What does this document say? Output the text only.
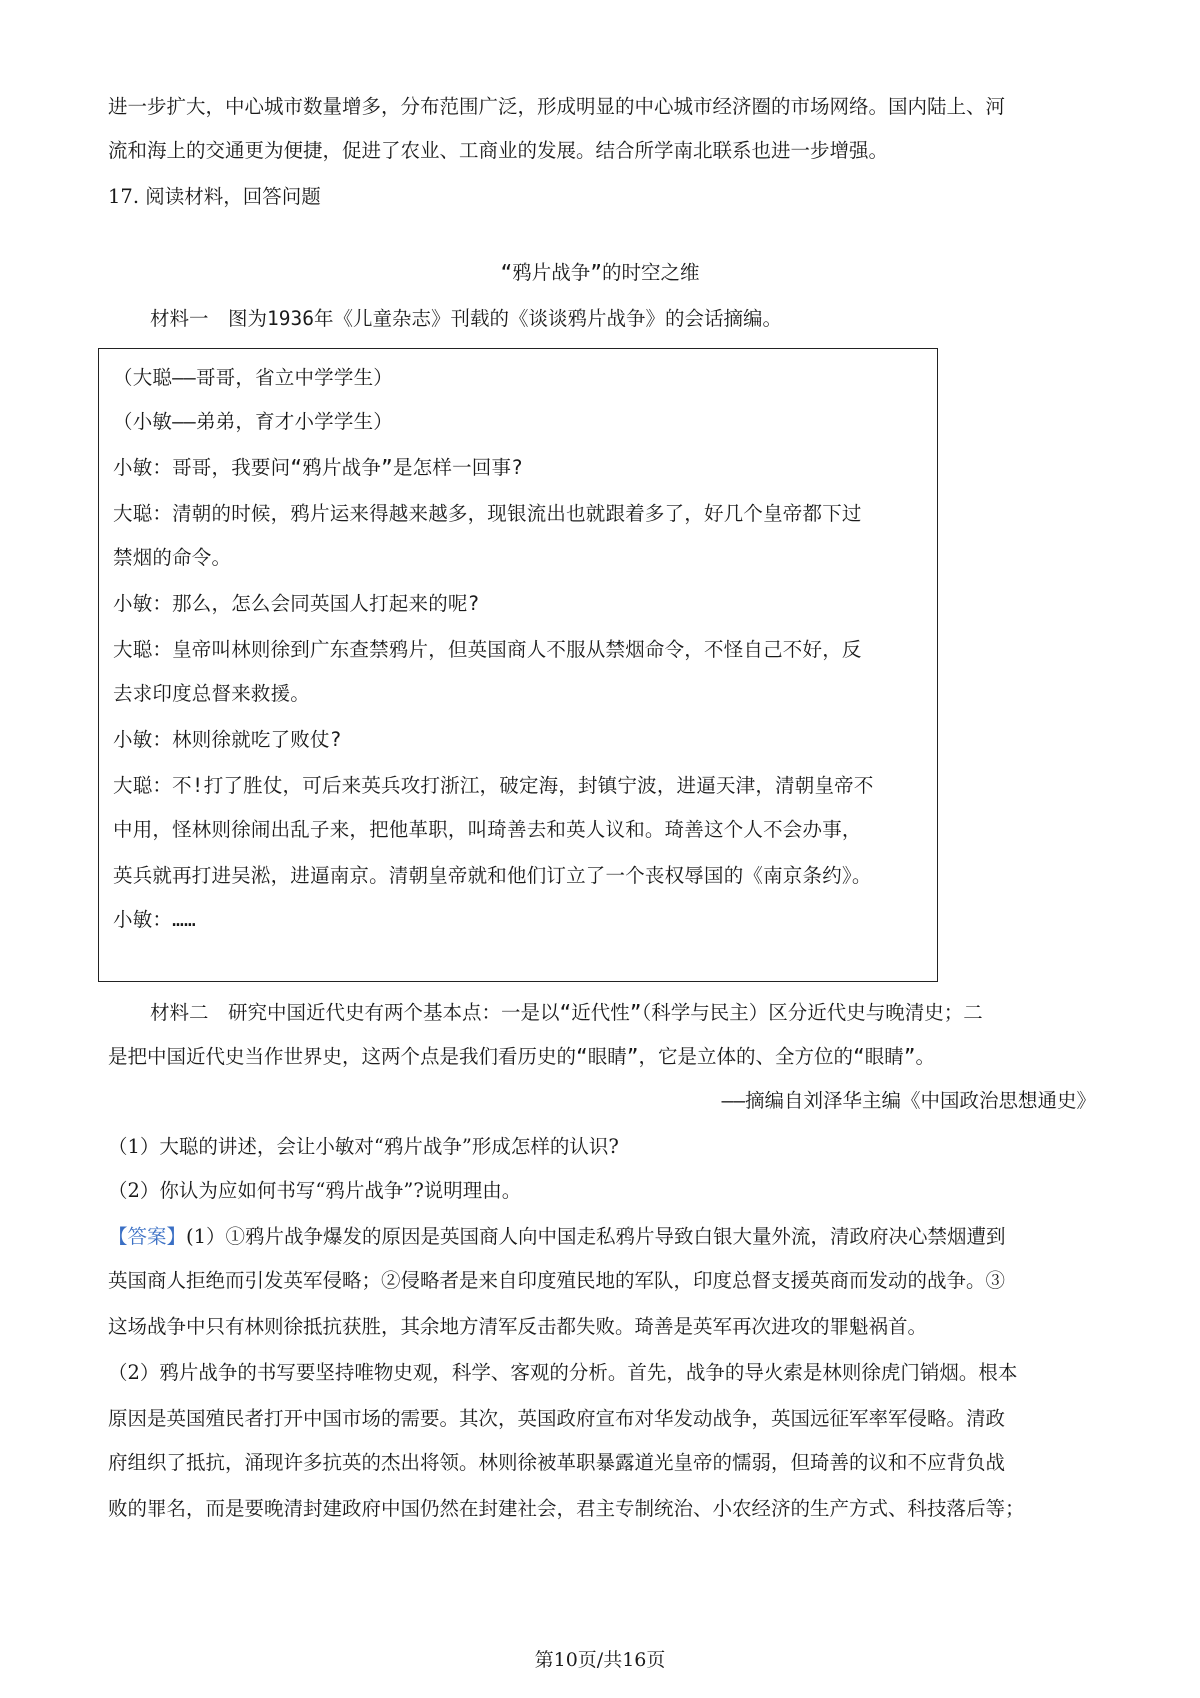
进一步扩大，中心城市数量增多，分布范围广泛，形成明显的中心城市经济圈的市场网络。国内陆上、河

流和海上的交通更为便捷，促进了农业、工商业的发展。结合所学南北联系也进一步增强。

17. 阅读材料，回答问题

“鸦片战争”的时空之维

材料一　图为1936年《儿童杂志》刊载的《谈谈鸦片战争》的会话摘编。

（大聪——哥哥，省立中学学生）

（小敏——弟弟，育才小学学生）

小敏：哥哥，我要问“鸦片战争”是怎样一回事?

大聪：清朝的时候，鸦片运来得越来越多，现银流出也就跟着多了，好几个皇帝都下过

禁烟的命令。

小敏：那么，怎么会同英国人打起来的呢?

大聪：皇帝叫林则徐到广东查禁鸦片，但英国商人不服从禁烟命令，不怪自己不好，反

去求印度总督来救援。

小敏：林则徐就吃了败仗?

大聪：不!打了胜仗，可后来英兵攻打浙江，破定海，封镇宁波，进逼天津，清朝皇帝不

中用，怪林则徐闹出乱子来，把他革职，叫琦善去和英人议和。琦善这个人不会办事，

英兵就再打进吴淞，进逼南京。清朝皇帝就和他们订立了一个丧权辱国的《南京条约》。

小敏：……

材料二　研究中国近代史有两个基本点：一是以“近代性”（科学与民主）区分近代史与晚清史；二

是把中国近代史当作世界史，这两个点是我们看历史的“眼睛”，它是立体的、全方位的“眼睛”。

——摘编自刘泽华主编《中国政治思想通史》

（1）大聪的讲述，会让小敏对“鸦片战争”形成怎样的认识?

（2）你认为应如何书写“鸦片战争”?说明理由。

【答案】(1）①鸦片战争爆发的原因是英国商人向中国走私鸦片导致白银大量外流，清政府决心禁烟遭到

英国商人拒绝而引发英军侵略；②侵略者是来自印度殖民地的军队，印度总督支援英商而发动的战争。③

这场战争中只有林则徐抵抗获胜，其余地方清军反击都失败。琦善是英军再次进攻的罪魁祸首。

（2）鸦片战争的书写要坚持唯物史观，科学、客观的分析。首先，战争的导火索是林则徐虎门销烟。根本

原因是英国殖民者打开中国市场的需要。其次，英国政府宣布对华发动战争，英国远征军率军侵略。清政

府组织了抵抗，涌现许多抗英的杰出将领。林则徐被革职暴露道光皇帝的懦弱，但琦善的议和不应背负战

败的罪名，而是要晚清封建政府中国仍然在封建社会，君主专制统治、小农经济的生产方式、科技落后等；

第10页/共16页
